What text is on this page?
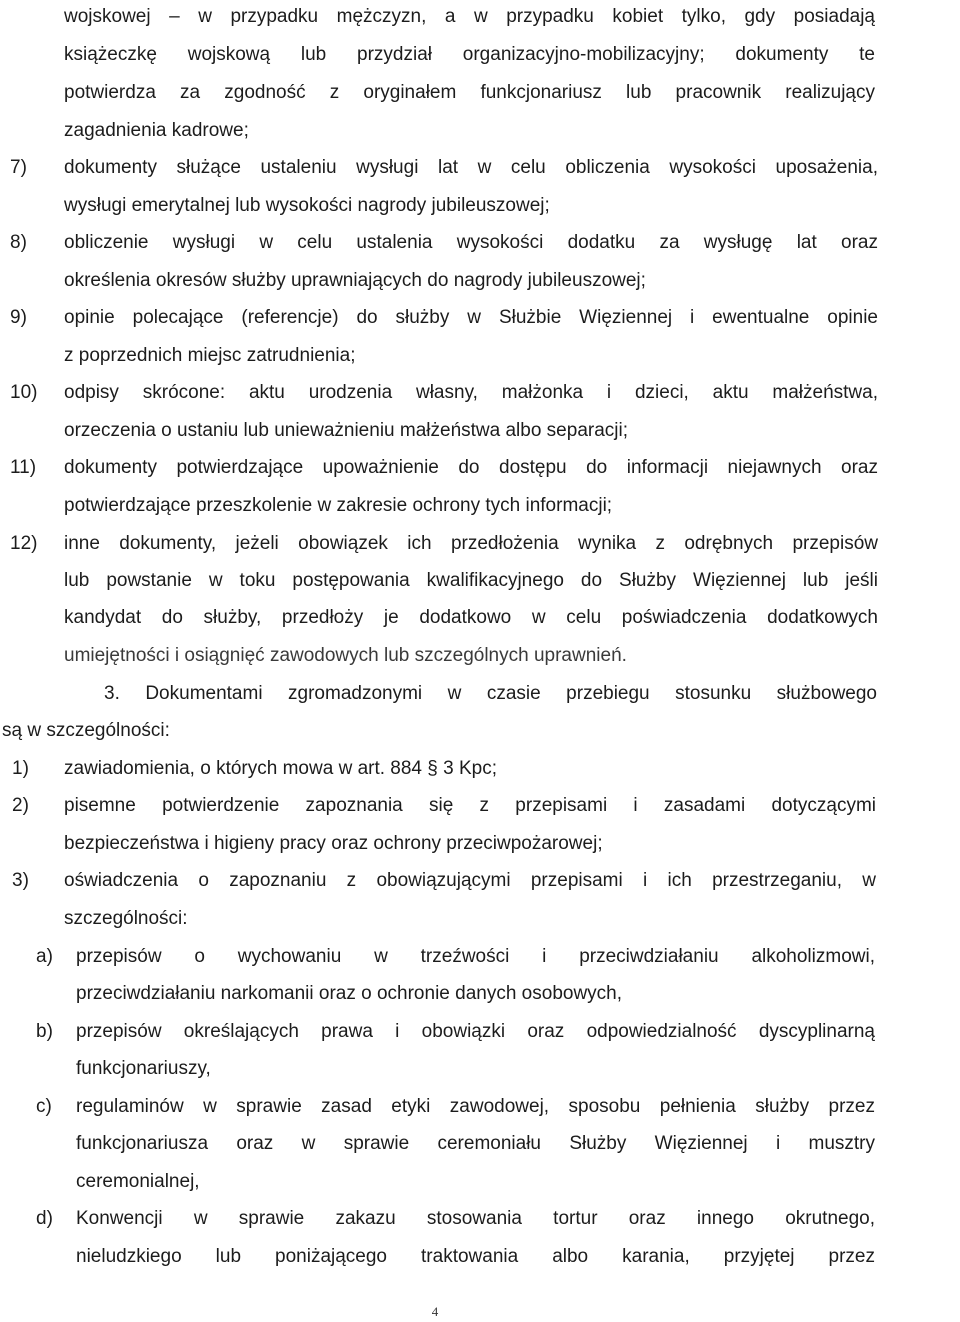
wojskowej – w przypadku mężczyzn, a w przypadku kobiet tylko, gdy posiadają
książeczkę wojskową lub przydział organizacyjno-mobilizacyjny; dokumenty te
potwierdza za zgodność z oryginałem funkcjonariusz lub pracownik realizujący
zagadnienia kadrowe;
7) dokumenty służące ustaleniu wysługi lat w celu obliczenia wysokości uposażenia,
wysługi emerytalnej lub wysokości nagrody jubileuszowej;
8) obliczenie wysługi w celu ustalenia wysokości dodatku za wysługę lat oraz
określenia okresów służby uprawniających do nagrody jubileuszowej;
9) opinie polecające (referencje) do służby w Służbie Więziennej i ewentualne opinie
z poprzednich miejsc zatrudnienia;
10) odpisy skrócone: aktu urodzenia własny, małżonka i dzieci, aktu małżeństwa,
orzeczenia o ustaniu lub unieważnieniu małżeństwa albo separacji;
11) dokumenty potwierdzające upoważnienie do dostępu do informacji niejawnych oraz
potwierdzające przeszkolenie w zakresie ochrony tych informacji;
12) inne dokumenty, jeżeli obowiązek ich przedłożenia wynika z odrębnych przepisów
lub powstanie w toku postępowania kwalifikacyjnego do Służby Więziennej lub jeśli
kandydat do służby, przedłoży je dodatkowo w celu poświadczenia dodatkowych
umiejętności i osiągnięć zawodowych lub szczególnych uprawnień.
3. Dokumentami zgromadzonymi w czasie przebiegu stosunku służbowego
są w szczególności:
1) zawiadomienia, o których mowa w art. 884 § 3 Kpc;
2) pisemne potwierdzenie zapoznania się z przepisami i zasadami dotyczącymi
bezpieczeństwa i higieny pracy oraz ochrony przeciwpożarowej;
3) oświadczenia o zapoznaniu z obowiązującymi przepisami i ich przestrzeganiu, w
szczególności:
a) przepisów o wychowaniu w trzeźwości i przeciwdziałaniu alkoholizmowi,
przeciwdziałaniu narkomanii oraz o ochronie danych osobowych,
b) przepisów określających prawa i obowiązki oraz odpowiedzialność dyscyplinarną
funkcjonariuszy,
c) regulaminów w sprawie zasad etyki zawodowej, sposobu pełnienia służby przez
funkcjonariusza oraz w sprawie ceremoniału Służby Więziennej i musztry
ceremonialnej,
d) Konwencji w sprawie zakazu stosowania tortur oraz innego okrutnego,
nieludzkiego lub poniżającego traktowania albo karania, przyjętej przez
4
